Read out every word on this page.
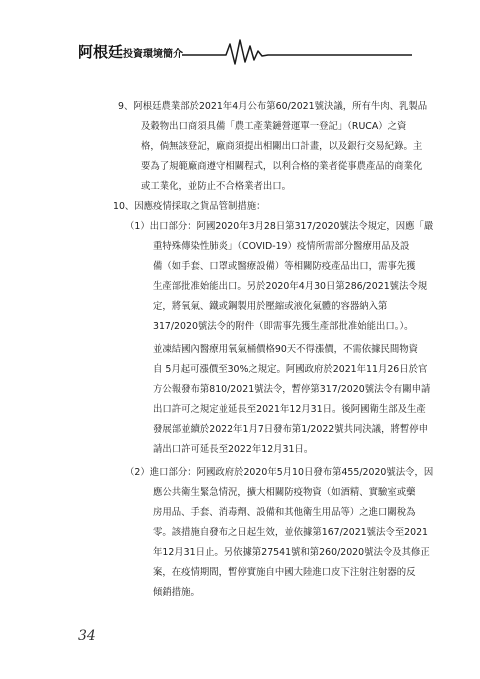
阿根廷投資環境簡介
9、阿根廷農業部於2021年4月公布第60/2021號決議，所有牛肉、乳製品
及穀物出口商須具備「農工產業鏈營運單一登記」（RUCA）之資
格，倘無該登記，廠商須提出相關出口計畫，以及銀行交易紀錄。主
要為了規範廠商遵守相關程式，以利合格的業者從事農產品的商業化
或工業化，並防止不合格業者出口。
10、因應疫情採取之貨品管制措施：
（1）出口部分：阿國2020年3月28日第317/2020號法令規定，因應「嚴
重特殊傳染性肺炎」（COVID-19）疫情所需部分醫療用品及設
備（如手套、口罩或醫療設備）等相關防疫產品出口，需事先獲
生產部批准始能出口。另於2020年4月30日第286/2021號法令規
定，將氧氣、鐵或鋼製用於壓縮或液化氣體的容器納入第
317/2020號法令的附件（即需事先獲生產部批准始能出口。）。
並凍結國內醫療用氧氣桶價格90天不得漲價，不需依據民間物資
自 5月起可漲價至30%之規定。阿國政府於2021年11月26日於官
方公報發布第810/2021號法令，暫停第317/2020號法令有關申請
出口許可之規定並延長至2021年12月31日。後阿國衛生部及生產
發展部並續於2022年1月7日發布第1/2022號共同決議，將暫停申
請出口許可延長至2022年12月31日。
（2）進口部分：阿國政府於2020年5月10日發布第455/2020號法令，因
應公共衛生緊急情況，擴大相關防疫物資（如酒精、實驗室或藥
房用品、手套、消毒劑、設備和其他衛生用品等）之進口關稅為
零。該措施自發布之日起生效，並依據第167/2021號法令至2021
年12月31日止。另依據第27541號和第260/2020號法令及其修正
案，在疫情期間，暫停實施自中國大陸進口皮下注射注射器的反
傾銷措施。
34
